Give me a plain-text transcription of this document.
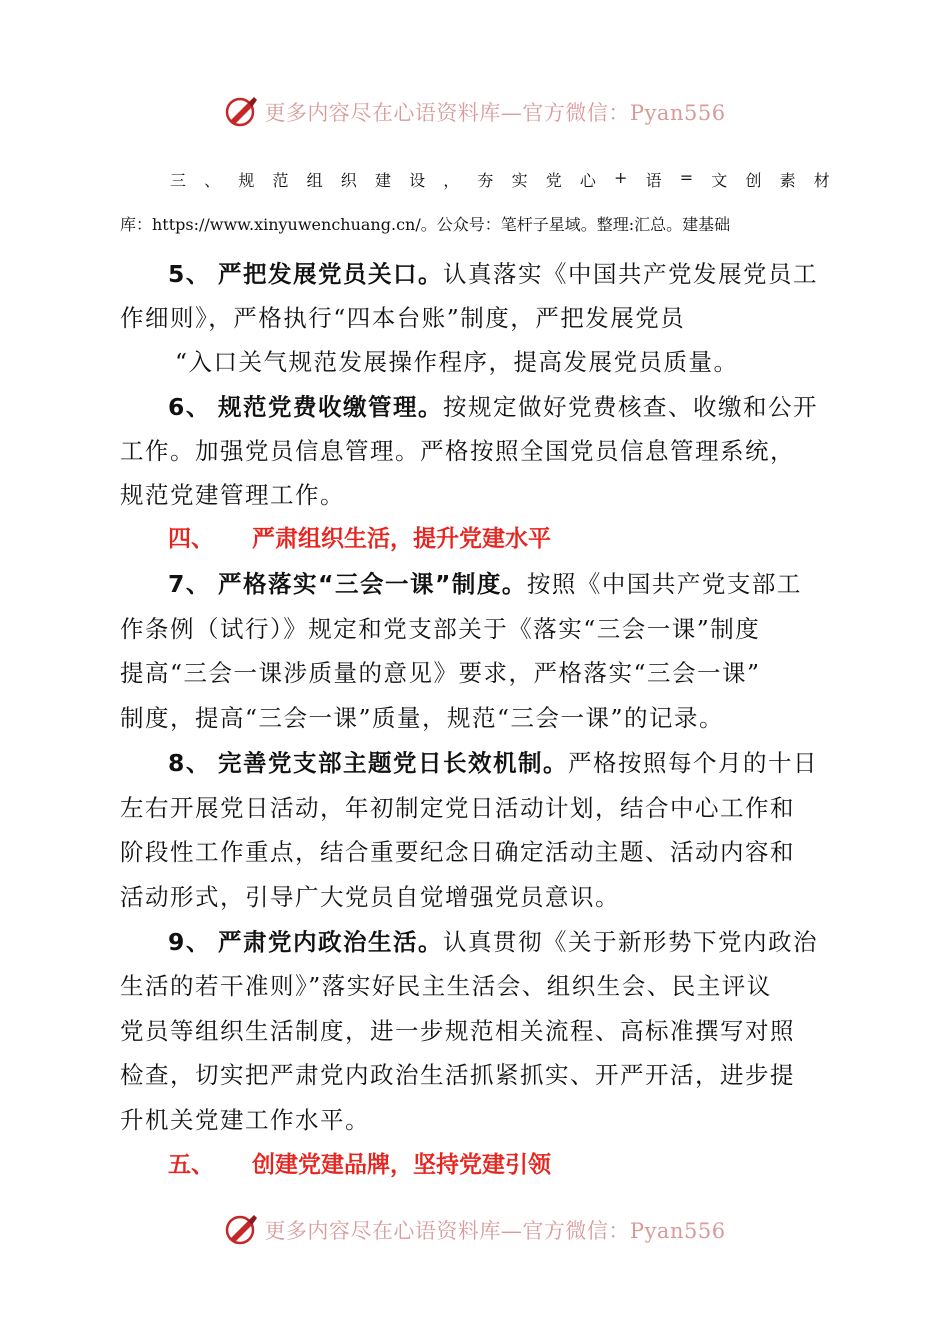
更多内容尽在心语资料库—官方微信：Pyan556
三 、 规 范 组 织 建 设 ， 夯 实 党 心 + 语 = 文 创 素 材
库：https://www.xinyuwenchuang.cn/。公众号：笔杆子星域。整理:汇总。建基础
5、 严把发展党员关口。认真落实《中国共产党发展党员工
作细则》，严格执行“四本台账”制度，严把发展党员
“入口关气规范发展操作程序，提高发展党员质量。
6、 规范党费收缴管理。按规定做好党费核查、收缴和公开
工作。加强党员信息管理。严格按照全国党员信息管理系统，
规范党建管理工作。
四、 严肃组织生活，提升党建水平
7、 严格落实“三会一课”制度。按照《中国共产党支部工
作条例（试行）》规定和党支部关于《落实“三会一课”制度
提高“三会一课涉质量的意见》要求，严格落实“三会一课”
制度，提高“三会一课”质量，规范“三会一课”的记录。
8、 完善党支部主题党日长效机制。严格按照每个月的十日
左右开展党日活动，年初制定党日活动计划，结合中心工作和
阶段性工作重点，结合重要纪念日确定活动主题、活动内容和
活动形式，引导广大党员自觉增强党员意识。
9、 严肃党内政治生活。认真贯彻《关于新形势下党内政治
生活的若干准则》”落实好民主生活会、组织生会、民主评议
党员等组织生活制度，进一步规范相关流程、高标准撰写对照
检查，切实把严肃党内政治生活抓紧抓实、开严开活，进步提
升机关党建工作水平。
五、 创建党建品牌，坚持党建引领
更多内容尽在心语资料库—官方微信：Pyan556
